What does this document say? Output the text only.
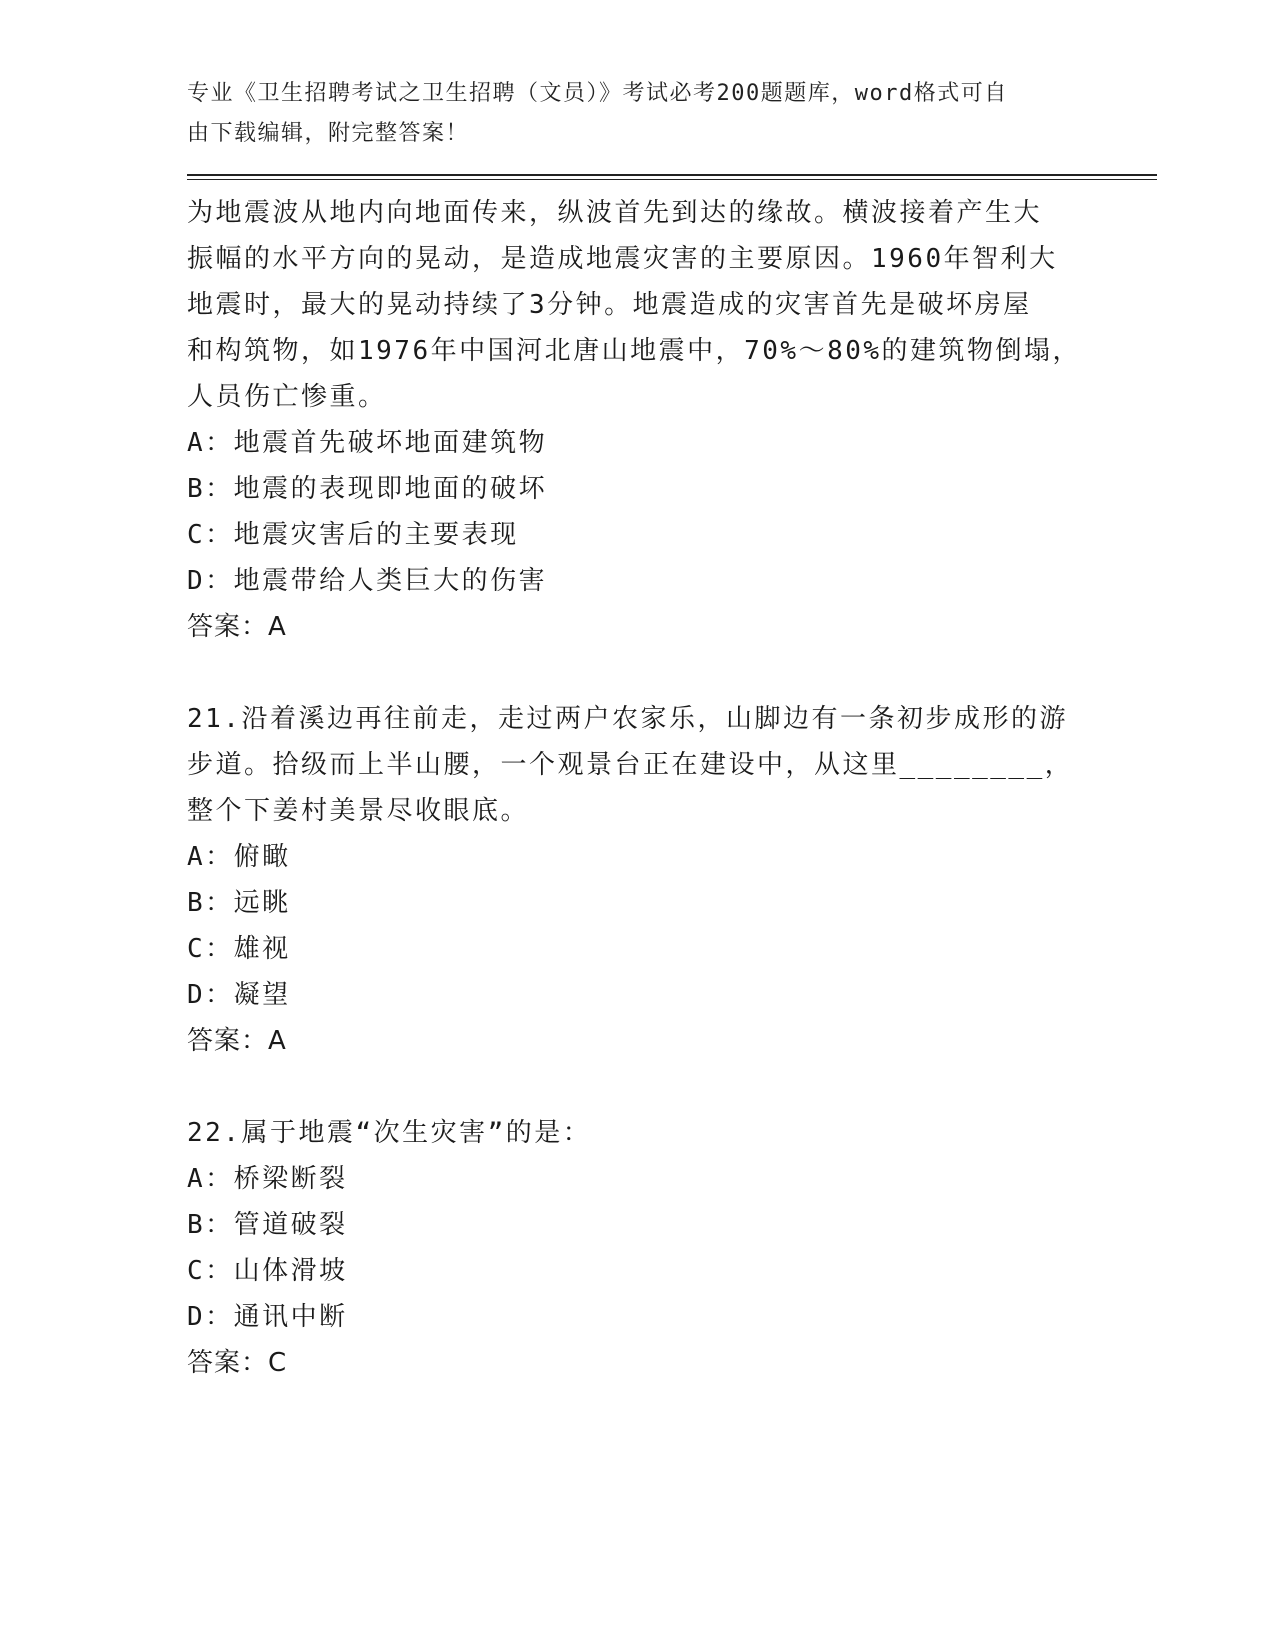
专业《卫生招聘考试之卫生招聘（文员）》考试必考200题题库，word格式可自
由下载编辑，附完整答案！
为地震波从地内向地面传来，纵波首先到达的缘故。横波接着产生大
振幅的水平方向的晃动，是造成地震灾害的主要原因。1960年智利大
地震时，最大的晃动持续了3分钟。地震造成的灾害首先是破坏房屋
和构筑物，如1976年中国河北唐山地震中，70%～80%的建筑物倒塌，
人员伤亡惨重。
A：地震首先破坏地面建筑物
B：地震的表现即地面的破坏
C：地震灾害后的主要表现
D：地震带给人类巨大的伤害
答案：A
21.沿着溪边再往前走，走过两户农家乐，山脚边有一条初步成形的游
步道。拾级而上半山腰，一个观景台正在建设中，从这里________，
整个下姜村美景尽收眼底。
A：俯瞰
B：远眺
C：雄视
D：凝望
答案：A
22.属于地震“次生灾害”的是：
A：桥梁断裂
B：管道破裂
C：山体滑坡
D：通讯中断
答案：C
